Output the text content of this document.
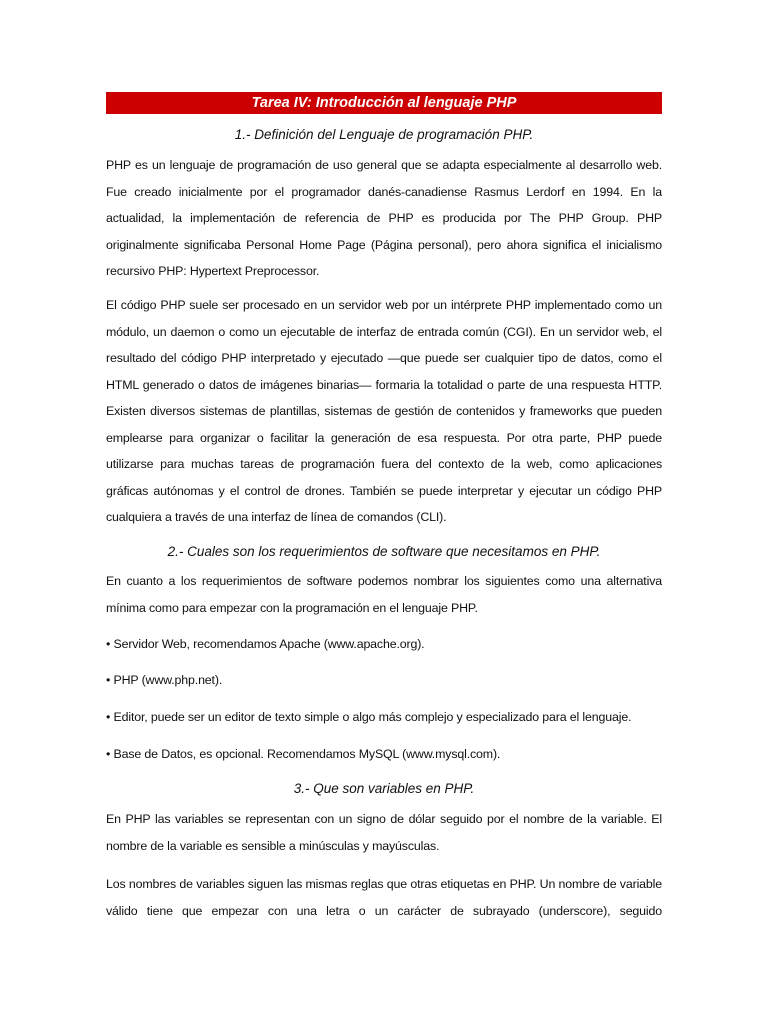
Tarea IV: Introducción al lenguaje PHP
1.- Definición del Lenguaje de programación PHP.
PHP es un lenguaje de programación de uso general que se adapta especialmente al desarrollo web. Fue creado inicialmente por el programador danés-canadiense Rasmus Lerdorf en 1994. En la actualidad, la implementación de referencia de PHP es producida por The PHP Group. PHP originalmente significaba Personal Home Page (Página personal), pero ahora significa el inicialismo recursivo PHP: Hypertext Preprocessor.
El código PHP suele ser procesado en un servidor web por un intérprete PHP implementado como un módulo, un daemon o como un ejecutable de interfaz de entrada común (CGI). En un servidor web, el resultado del código PHP interpretado y ejecutado —que puede ser cualquier tipo de datos, como el HTML generado o datos de imágenes binarias— formaria la totalidad o parte de una respuesta HTTP. Existen diversos sistemas de plantillas, sistemas de gestión de contenidos y frameworks que pueden emplearse para organizar o facilitar la generación de esa respuesta. Por otra parte, PHP puede utilizarse para muchas tareas de programación fuera del contexto de la web, como aplicaciones gráficas autónomas y el control de drones. También se puede interpretar y ejecutar un código PHP cualquiera a través de una interfaz de línea de comandos (CLI).
2.- Cuales son los requerimientos de software que necesitamos en PHP.
En cuanto a los requerimientos de software podemos nombrar los siguientes como una alternativa mínima como para empezar con la programación en el lenguaje PHP.
• Servidor Web, recomendamos Apache (www.apache.org).
• PHP (www.php.net).
• Editor, puede ser un editor de texto simple o algo más complejo y especializado para el lenguaje.
• Base de Datos, es opcional. Recomendamos MySQL (www.mysql.com).
3.- Que son variables en PHP.
En PHP las variables se representan con un signo de dólar seguido por el nombre de la variable. El nombre de la variable es sensible a minúsculas y mayúsculas.
Los nombres de variables siguen las mismas reglas que otras etiquetas en PHP. Un nombre de variable válido tiene que empezar con una letra o un carácter de subrayado (underscore), seguido
